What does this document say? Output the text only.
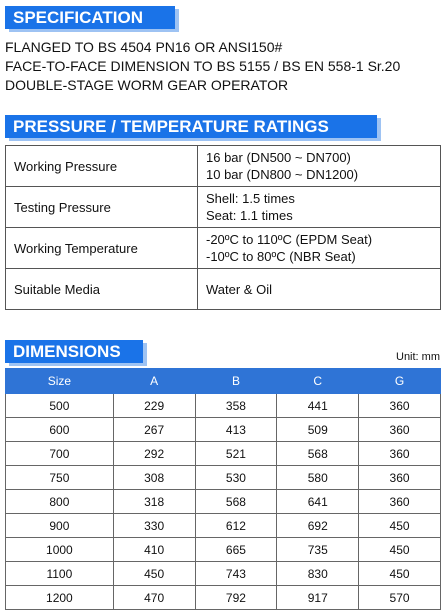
SPECIFICATION
FLANGED TO BS 4504 PN16 OR ANSI150#
FACE-TO-FACE DIMENSION TO BS 5155 / BS EN 558-1 Sr.20
DOUBLE-STAGE WORM GEAR OPERATOR
PRESSURE / TEMPERATURE RATINGS
Working Pressure	16 bar (DN500 ~ DN700)
10 bar (DN800 ~ DN1200)

Testing Pressure	Shell: 1.5 times
Seat: 1.1 times

Working Temperature	-20ºC to 110ºC (EPDM Seat)
-10ºC to 80ºC (NBR Seat)

Suitable Media	Water & Oil
DIMENSIONS	Unit: mm
Size	A	B	C	G
500	229	358	441	360
600	267	413	509	360
700	292	521	568	360
750	308	530	580	360
800	318	568	641	360
900	330	612	692	450
1000	410	665	735	450
1100	450	743	830	450
1200	470	792	917	570
